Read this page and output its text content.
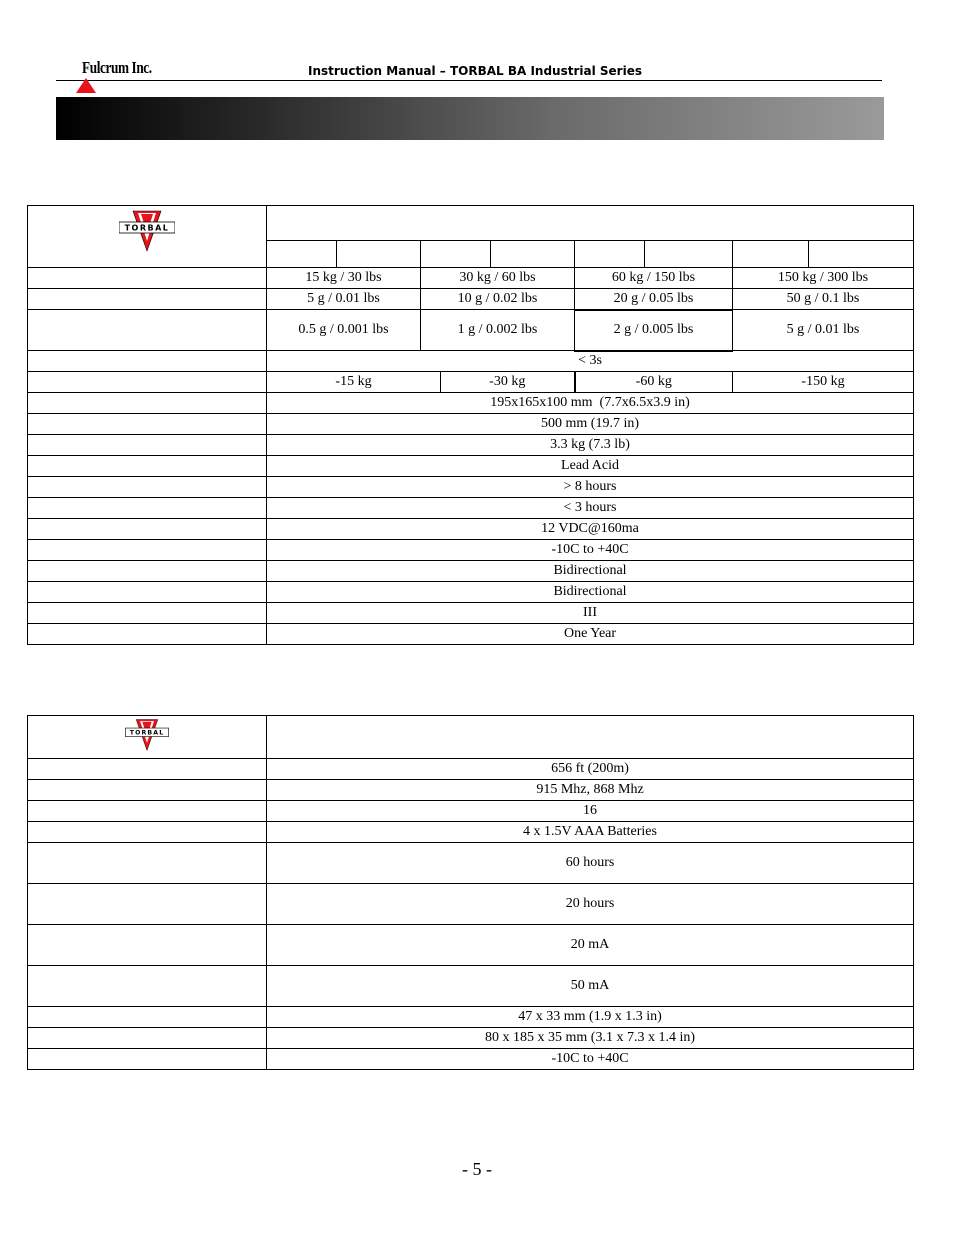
Fulcrum Inc.	Instruction Manual – TORBAL BA Industrial Series
TORBAL									

	15 kg / 30 lbs		30 kg / 60 lbs			60 kg / 150 lbs		150 kg / 300 lbs	
	5 g / 0.01 lbs		10 g / 0.02 lbs			20 g / 0.05 lbs		50 g / 0.1 lbs	
	0.5 g / 0.001 lbs		1 g / 0.002 lbs			2 g / 0.005 lbs		5 g / 0.01 lbs	
	< 3s								
	-15 kg			-30 kg		-60 kg		-150 kg	
	195x165x100 mm  (7.7x6.5x3.9 in)								
	500 mm (19.7 in)								
	3.3 kg (7.3 lb)								
	Lead Acid								
	> 8 hours								
	< 3 hours								
	12 VDC@160ma								
	-10C to +40C								
	Bidirectional								
	Bidirectional								
	III								
	One Year								
TORBAL	

	656 ft (200m)
	915 Mhz, 868 Mhz
	16
	4 x 1.5V AAA Batteries
	60 hours
	20 hours
	20 mA
	50 mA
	47 x 33 mm (1.9 x 1.3 in)
	80 x 185 x 35 mm (3.1 x 7.3 x 1.4 in)
	-10C to +40C
- 5 -
